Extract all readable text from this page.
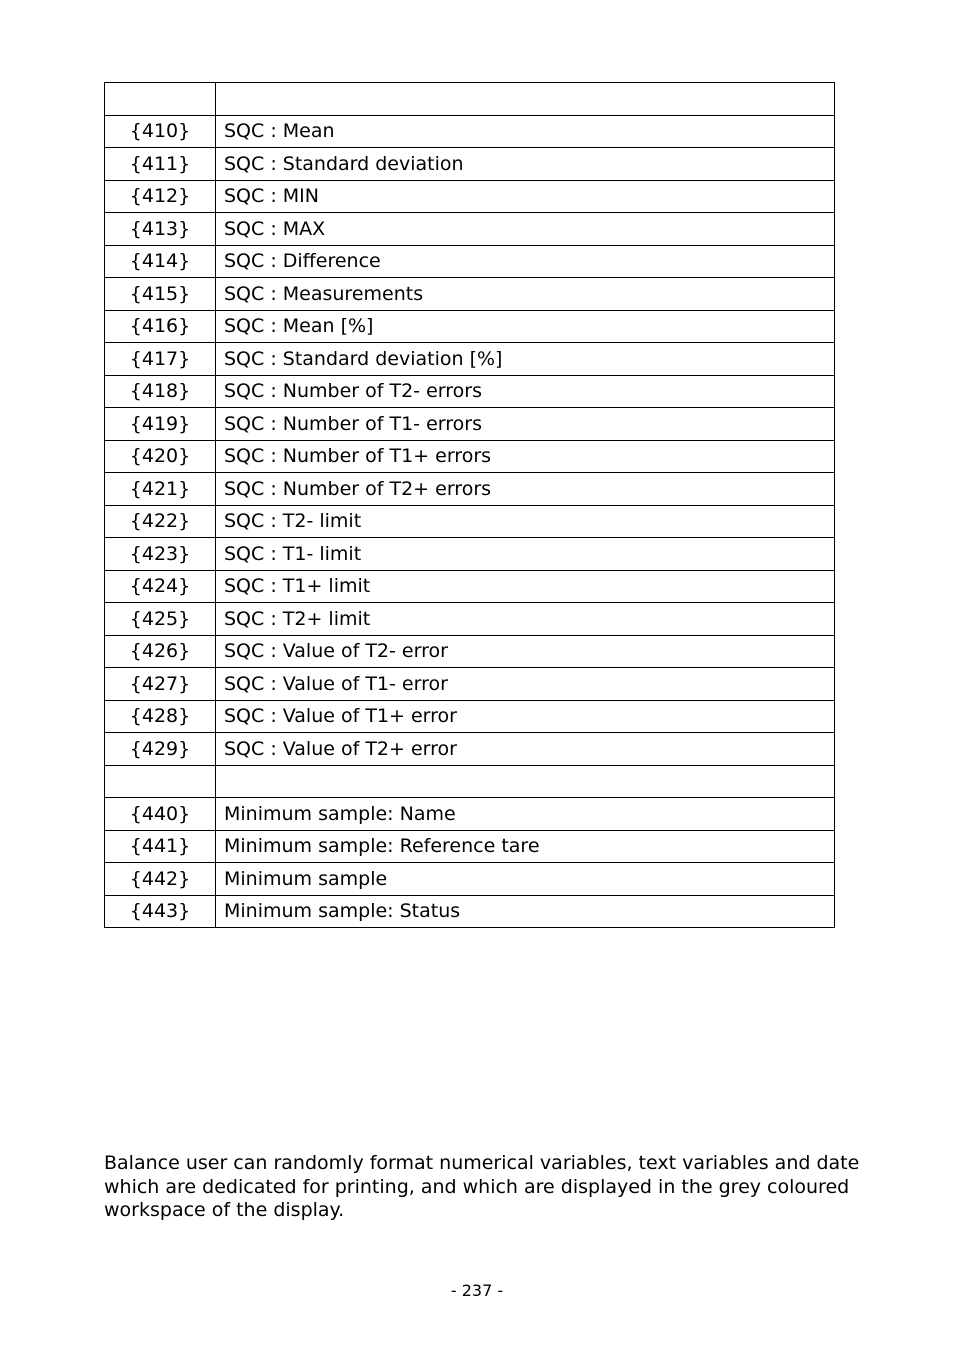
{410}	SQC : Mean
{411}	SQC : Standard deviation
{412}	SQC : MIN
{413}	SQC : MAX
{414}	SQC : Difference
{415}	SQC : Measurements
{416}	SQC : Mean [%]
{417}	SQC : Standard deviation [%]
{418}	SQC : Number of T2- errors
{419}	SQC : Number of T1- errors
{420}	SQC : Number of T1+ errors
{421}	SQC : Number of T2+ errors
{422}	SQC : T2- limit
{423}	SQC : T1- limit
{424}	SQC : T1+ limit
{425}	SQC : T2+ limit
{426}	SQC : Value of T2- error
{427}	SQC : Value of T1- error
{428}	SQC : Value of T1+ error
{429}	SQC : Value of T2+ error

{440}	Minimum sample: Name
{441}	Minimum sample: Reference tare
{442}	Minimum sample
{443}	Minimum sample: Status

Balance user can randomly format numerical variables, text variables and date which are dedicated for printing, and which are displayed in the grey coloured workspace of the display.

- 237 -
